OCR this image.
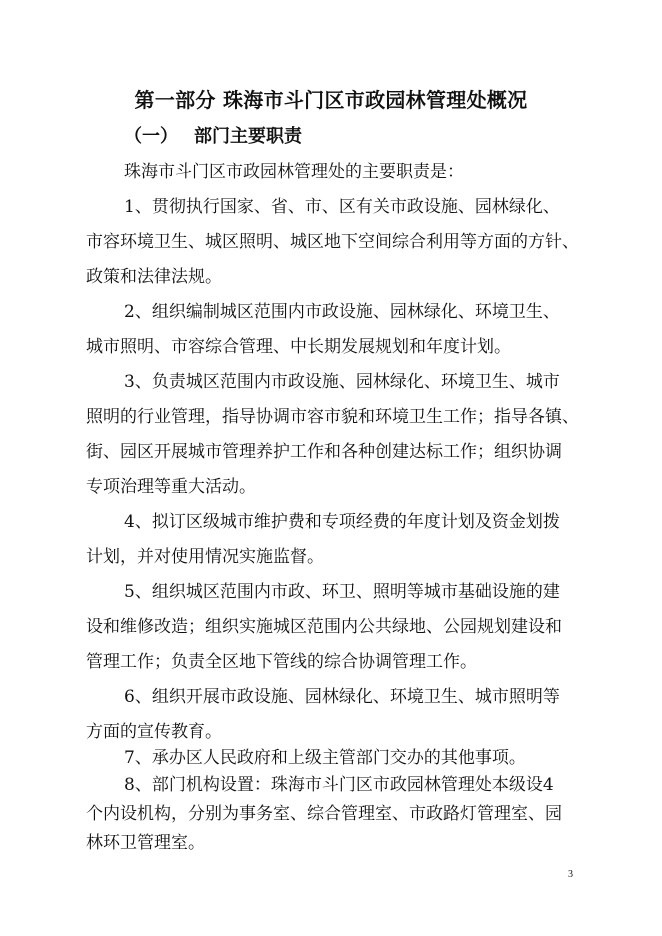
第一部分 珠海市斗门区市政园林管理处概况
（一） 部门主要职责

珠海市斗门区市政园林管理处的主要职责是：

1、贯彻执行国家、省、市、区有关市政设施、园林绿化、

市容环境卫生、城区照明、城区地下空间综合利用等方面的方针、

政策和法律法规。

2、组织编制城区范围内市政设施、园林绿化、环境卫生、

城市照明、市容综合管理、中长期发展规划和年度计划。

3、负责城区范围内市政设施、园林绿化、环境卫生、城市

照明的行业管理，指导协调市容市貌和环境卫生工作；指导各镇、

街、园区开展城市管理养护工作和各种创建达标工作；组织协调

专项治理等重大活动。

4、拟订区级城市维护费和专项经费的年度计划及资金划拨

计划，并对使用情况实施监督。

5、组织城区范围内市政、环卫、照明等城市基础设施的建

设和维修改造；组织实施城区范围内公共绿地、公园规划建设和

管理工作；负责全区地下管线的综合协调管理工作。

6、组织开展市政设施、园林绿化、环境卫生、城市照明等

方面的宣传教育。

7、承办区人民政府和上级主管部门交办的其他事项。

8、部门机构设置：珠海市斗门区市政园林管理处本级设4

个内设机构，分别为事务室、综合管理室、市政路灯管理室、园

林环卫管理室。

3
